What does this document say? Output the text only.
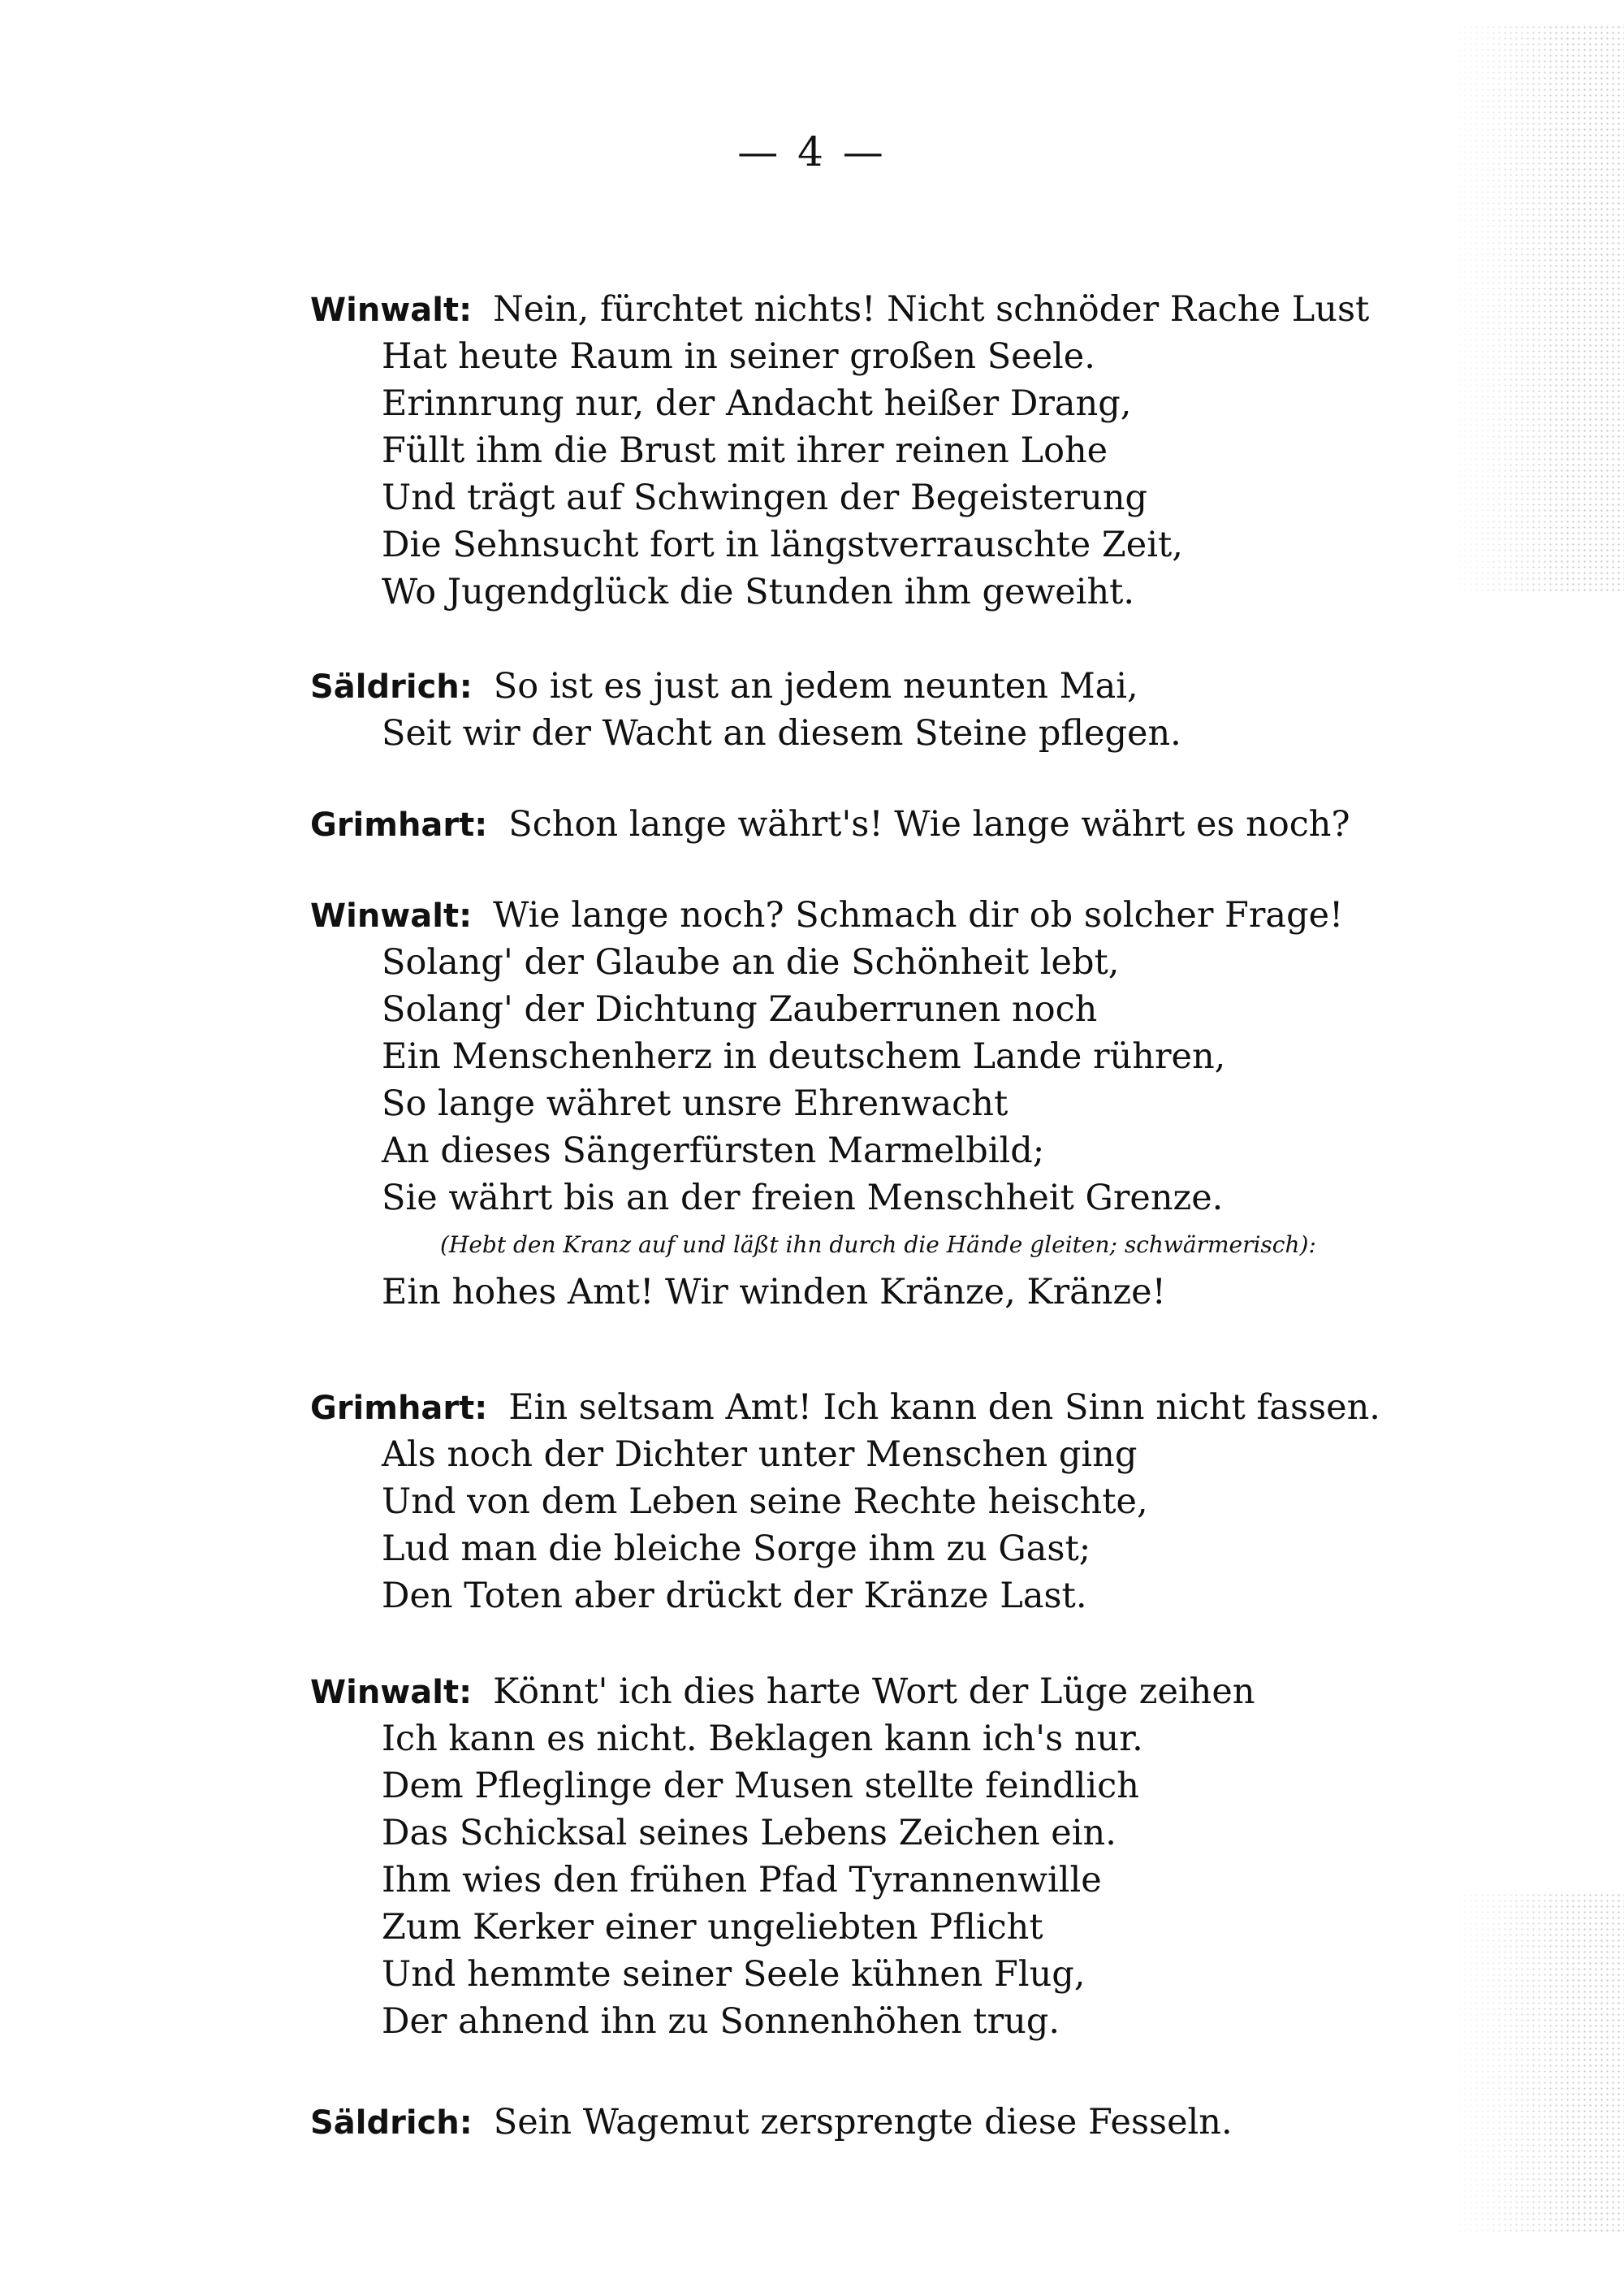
— 4 —
Winwalt: Nein, fürchtet nichts! Nicht schnöder Rache Lust
Hat heute Raum in seiner großen Seele.
Erinnrung nur, der Andacht heißer Drang,
Füllt ihm die Brust mit ihrer reinen Lohe
Und trägt auf Schwingen der Begeisterung
Die Sehnsucht fort in längstverrauschte Zeit,
Wo Jugendglück die Stunden ihm geweiht.
Säldrich: So ist es just an jedem neunten Mai,
Seit wir der Wacht an diesem Steine pflegen.
Grimhart: Schon lange währt's! Wie lange währt es noch?
Winwalt: Wie lange noch? Schmach dir ob solcher Frage!
Solang' der Glaube an die Schönheit lebt,
Solang' der Dichtung Zauberrunen noch
Ein Menschenherz in deutschem Lande rühren,
So lange währet unsre Ehrenwacht
An dieses Sängerfürsten Marmelbild;
Sie währt bis an der freien Menschheit Grenze.
(Hebt den Kranz auf und läßt ihn durch die Hände gleiten; schwärmerisch):
Ein hohes Amt! Wir winden Kränze, Kränze!
Grimhart: Ein seltsam Amt! Ich kann den Sinn nicht fassen.
Als noch der Dichter unter Menschen ging
Und von dem Leben seine Rechte heischte,
Lud man die bleiche Sorge ihm zu Gast;
Den Toten aber drückt der Kränze Last.
Winwalt: Könnt' ich dies harte Wort der Lüge zeihen
Ich kann es nicht. Beklagen kann ich's nur.
Dem Pfleglinge der Musen stellte feindlich
Das Schicksal seines Lebens Zeichen ein.
Ihm wies den frühen Pfad Tyrannenwille
Zum Kerker einer ungeliebten Pflicht
Und hemmte seiner Seele kühnen Flug,
Der ahnend ihn zu Sonnenhöhen trug.
Säldrich: Sein Wagemut zersprengte diese Fesseln.
